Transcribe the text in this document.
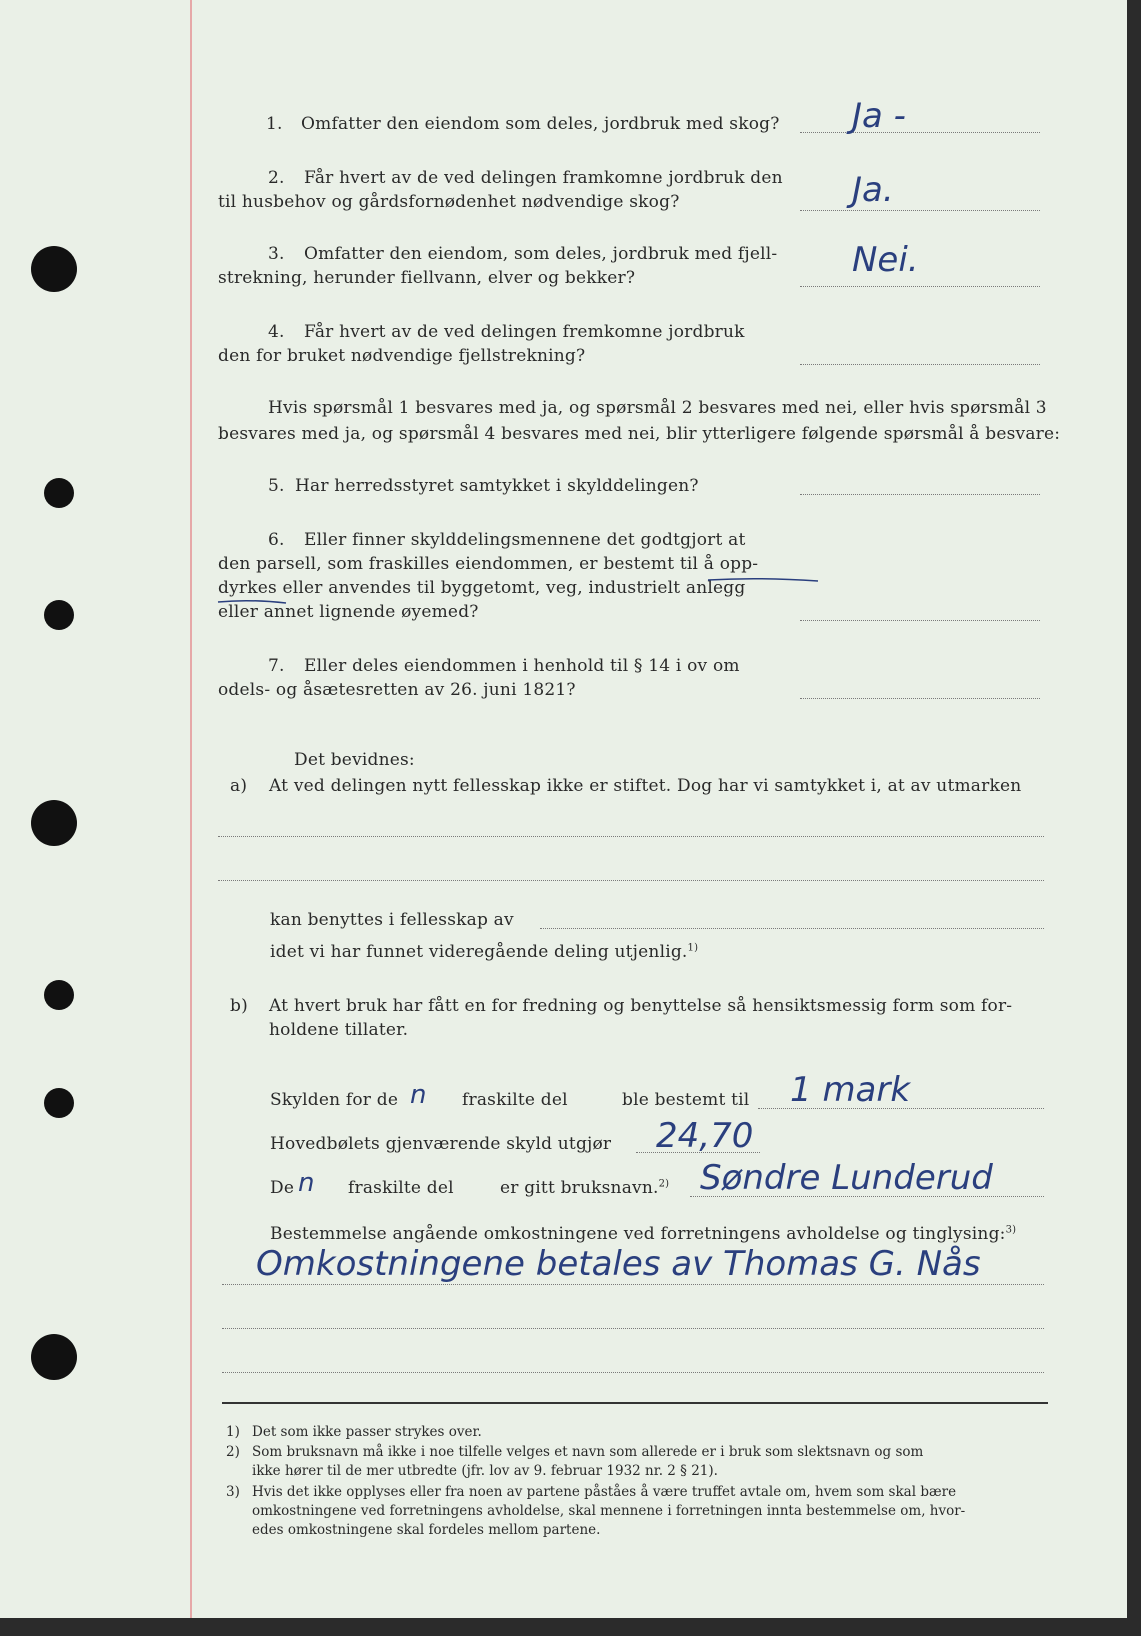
1. Omfatter den eiendom som deles, jordbruk med skog? Ja -
2. Får hvert av de ved delingen framkomne jordbruk den
til husbehov og gårdsfornødenhet nødvendige skog?	Ja.
3. Omfatter den eiendom, som deles, jordbruk med fjell-
strekning, herunder fiellvann, elver og bekker?	Nei.
4. Får hvert av de ved delingen fremkomne jordbruk
den for bruket nødvendige fjellstrekning?
Hvis spørsmål 1 besvares med ja, og spørsmål 2 besvares med nei, eller hvis spørsmål 3
besvares med ja, og spørsmål 4 besvares med nei, blir ytterligere følgende spørsmål å besvare:
5. Har herredsstyret samtykket i skylddelingen?
6. Eller finner skylddelingsmennene det godtgjort at
den parsell, som fraskilles eiendommen, er bestemt til å opp-
dyrkes eller anvendes til byggetomt, veg, industrielt anlegg
eller annet lignende øyemed?
7. Eller deles eiendommen i henhold til § 14 i ov om
odels- og åsætesretten av 26. juni 1821?
Det bevidnes:
a) At ved delingen nytt fellesskap ikke er stiftet. Dog har vi samtykket i, at av utmarken
kan benyttes i fellesskap av
idet vi har funnet videregående deling utjenlig.$^{1)}$
b) At hvert bruk har fått en for fredning og benyttelse så hensiktsmessig form som for-
holdene tillater.
Skylden for de n fraskilte del	ble bestemt til 1 mark
Hovedbølets gjenværende skyld utgjør 24,70
De n fraskilte del	er gitt bruksnavn.$^{2)}$ Søndre Lunderud
Bestemmelse angående omkostningene ved forretningens avholdelse og tinglysing:$^{3)}$
Omkostningene betales av Thomas G. Nås
1) Det som ikke passer strykes over.
2) Som bruksnavn må ikke i noe tilfelle velges et navn som allerede er i bruk som slektsnavn og som
ikke hører til de mer utbredte (jfr. lov av 9. februar 1932 nr. 2 § 21).
3) Hvis det ikke opplyses eller fra noen av partene påståes å være truffet avtale om, hvem som skal bære
omkostningene ved forretningens avholdelse, skal mennene i forretningen innta bestemmelse om, hvor-
edes omkostningene skal fordeles mellom partene.
